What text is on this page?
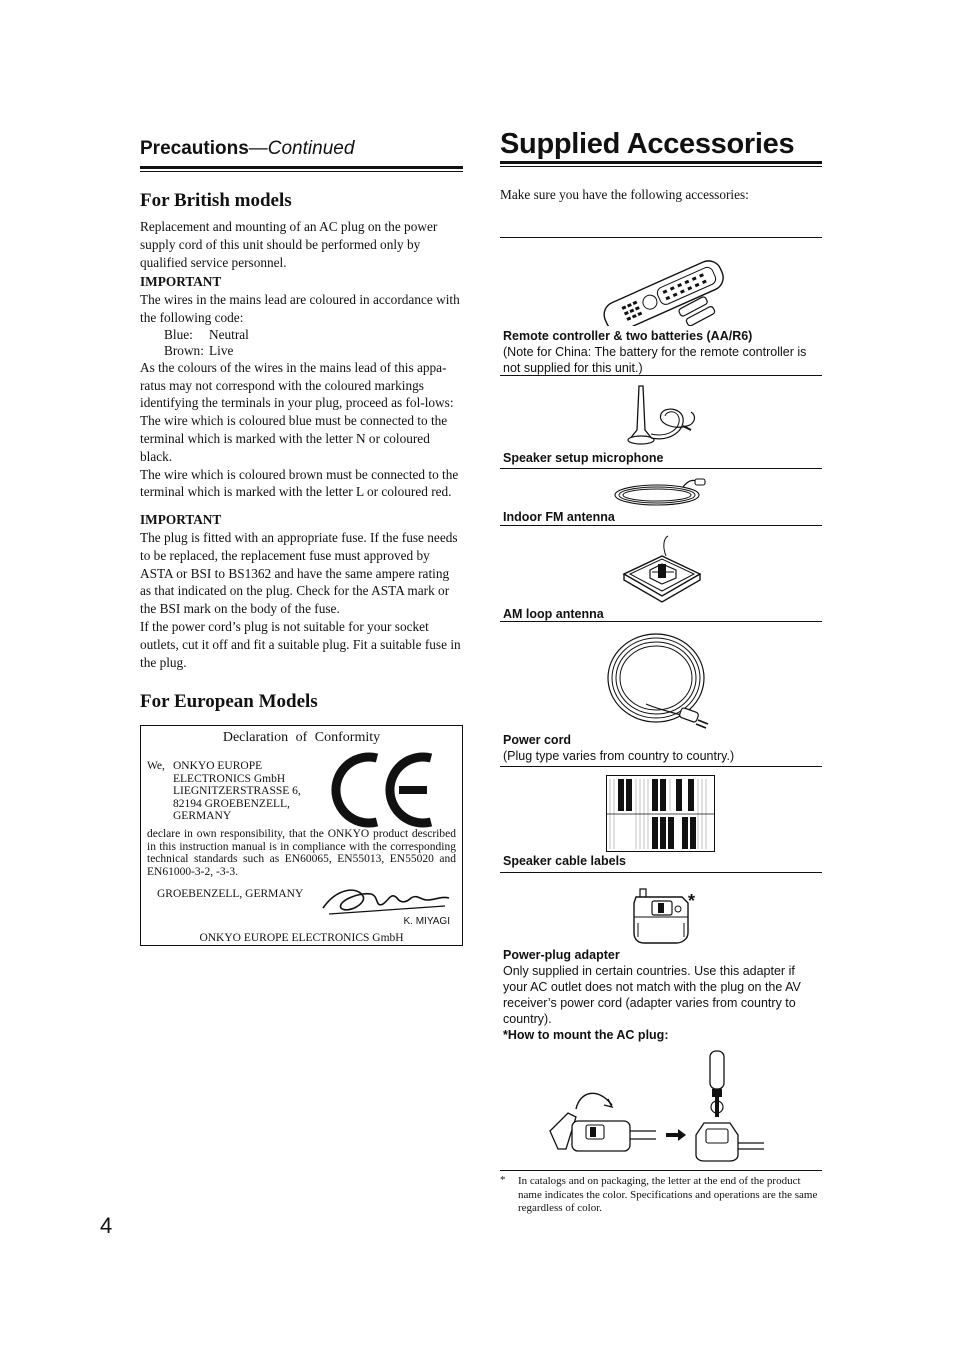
Precautions—Continued
For British models

Replacement and mounting of an AC plug on the power supply cord of this unit should be performed only by qualified service personnel.

IMPORTANT

The wires in the mains lead are coloured in accordance with the following code:

Blue: Neutral
Brown: Live

As the colours of the wires in the mains lead of this appa-ratus may not correspond with the coloured markings identifying the terminals in your plug, proceed as fol-lows:

The wire which is coloured blue must be connected to the terminal which is marked with the letter N or coloured black.

The wire which is coloured brown must be connected to the terminal which is marked with the letter L or coloured red.

IMPORTANT

The plug is fitted with an appropriate fuse. If the fuse needs to be replaced, the replacement fuse must approved by ASTA or BSI to BS1362 and have the same ampere rating as that indicated on the plug. Check for the ASTA mark or the BSI mark on the body of the fuse.

If the power cord’s plug is not suitable for your socket outlets, cut it off and fit a suitable plug. Fit a suitable fuse in the plug.

For European Models
Declaration of Conformity
We, ONKYO EUROPE
ELECTRONICS GmbH
LIEGNITZERSTRASSE 6,
82194 GROEBENZELL,
GERMANY
declare in own responsibility, that the ONKYO product described in this instruction manual is in compliance with the corresponding technical standards such as EN60065, EN55013, EN55020 and EN61000-3-2, -3-3.
GROEBENZELL, GERMANY
K. MIYAGI
ONKYO EUROPE ELECTRONICS GmbH
Supplied Accessories
Make sure you have the following accessories:
Remote controller & two batteries (AA/R6)
(Note for China: The battery for the remote controller is not supplied for this unit.)
Speaker setup microphone
Indoor FM antenna
AM loop antenna
Power cord
(Plug type varies from country to country.)
Speaker cable labels
*
Power-plug adapter
Only supplied in certain countries. Use this adapter if your AC outlet does not match with the plug on the AV receiver’s power cord (adapter varies from country to country).
*How to mount the AC plug:
* In catalogs and on packaging, the letter at the end of the product name indicates the color. Specifications and operations are the same regardless of color.
4
